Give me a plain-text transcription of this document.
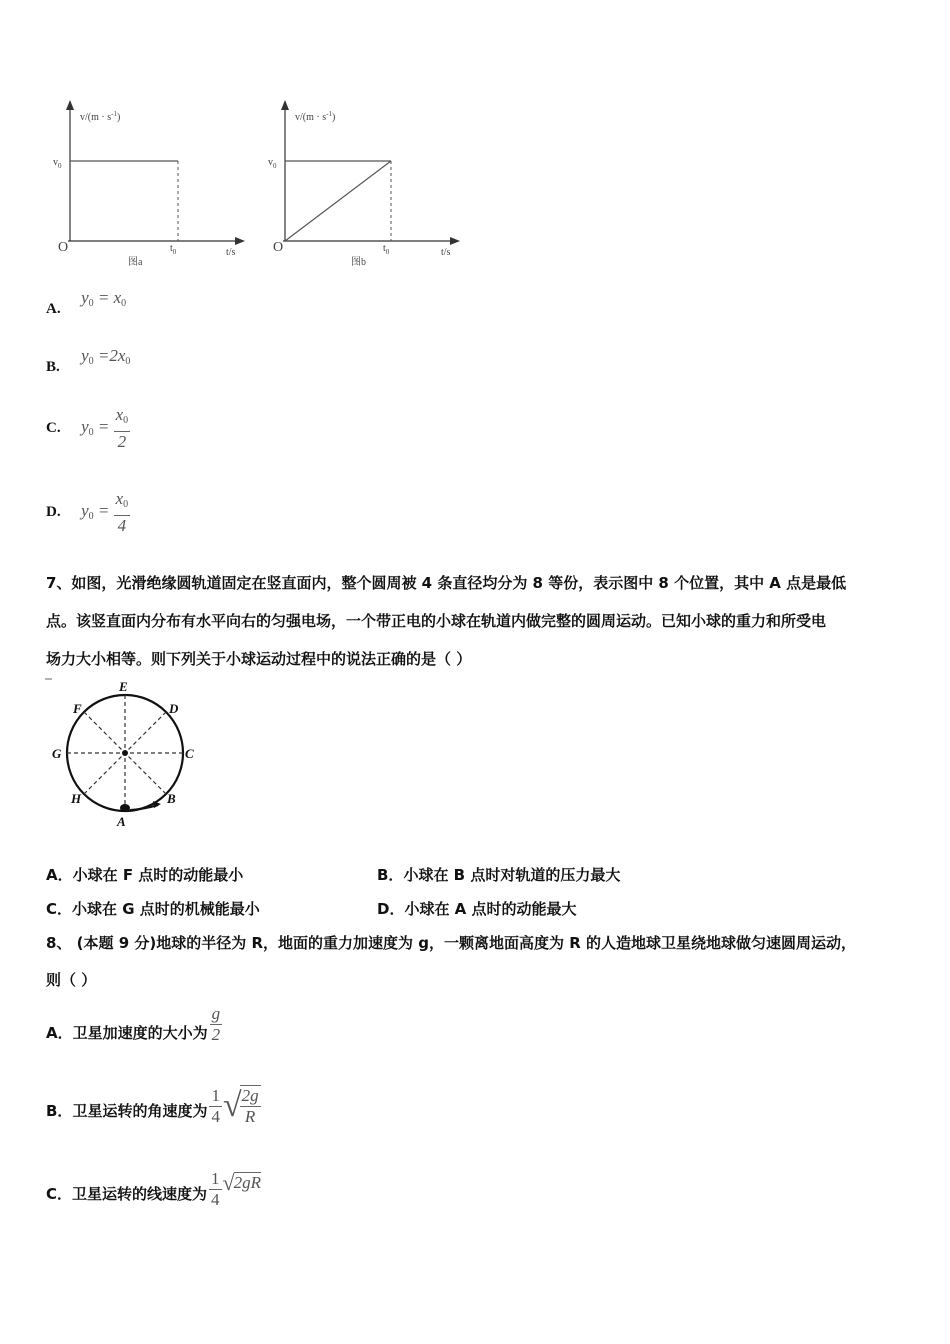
$v/(m \cdot s^{-1})$
$v_0$
O	$t_0$	t/s
图a
$v/(m \cdot s^{-1})$
$v_0$
O	$t_0$	t/s
图b
A. $y_0 = x_0$
B. $y_0 =2x_0$
C. $y_0 = \frac{x_0}{2}$
D. $y_0 = \frac{x_0}{4}$
7、如图，光滑绝缘圆轨道固定在竖直面内，整个圆周被 4 条直径均分为 8 等份，表示图中 8 个位置，其中 A 点是最低
点。该竖直面内分布有水平向右的匀强电场，一个带正电的小球在轨道内做完整的圆周运动。已知小球的重力和所受电
场力大小相等。则下列关于小球运动过程中的说法正确的是（ ）
E
D
C
B
A
H
G
F
A．小球在 F 点时的动能最小	B．小球在 B 点时对轨道的压力最大
C．小球在 G 点时的机械能最小	D．小球在 A 点时的动能最大
8、 (本题 9 分)地球的半径为 R，地面的重力加速度为 g，一颗离地面高度为 R 的人造地球卫星绕地球做匀速圆周运动，
则（ ）
A．卫星加速度的大小为 $\frac{g}{2}$
B．卫星运转的角速度为 $\frac{1}{4}$ √
$\frac{2g}{R}$
C．卫星运转的线速度为 $\frac{1}{4}$ √ 2gR
